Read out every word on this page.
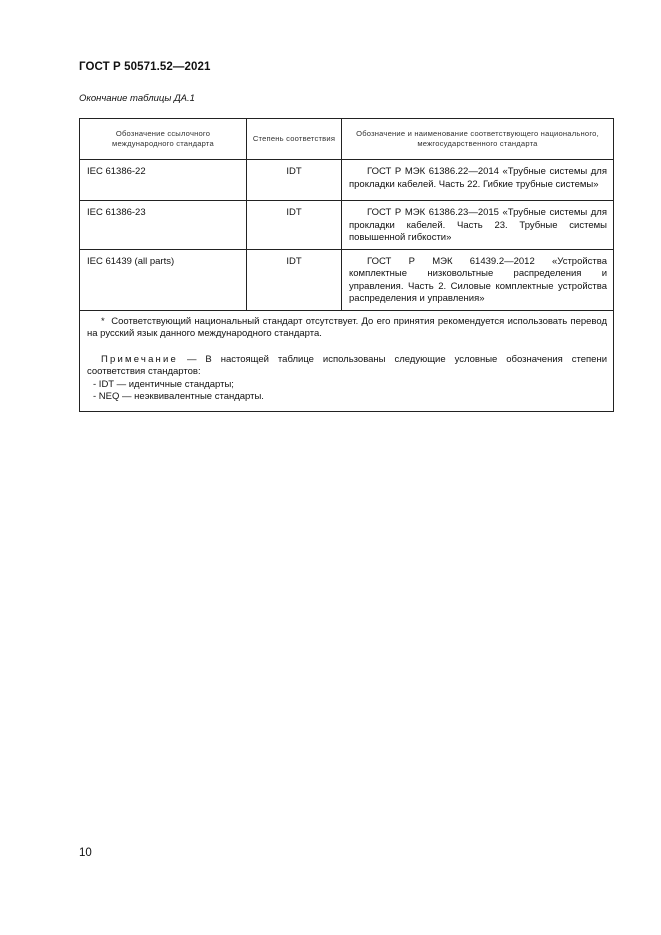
ГОСТ Р 50571.52—2021
Окончание таблицы ДА.1
Обозначение ссылочного международного стандарта	Степень соответствия	Обозначение и наименование соответствующего национального, межгосударственного стандарта
IEC 61386-22	IDT	ГОСТ Р МЭК 61386.22—2014 «Трубные системы для прокладки кабелей. Часть 22. Гибкие трубные системы»
IEC 61386-23	IDT	ГОСТ Р МЭК 61386.23—2015 «Трубные системы для прокладки кабелей. Часть 23. Трубные системы повышенной гибкости»
IEC 61439 (all parts)	IDT	ГОСТ Р МЭК 61439.2—2012 «Устройства комплектные низковольтные распределения и управления. Часть 2. Силовые комплектные устройства распределения и управления»

* Соответствующий национальный стандарт отсутствует. До его принятия рекомендуется использовать перевод на русский язык данного международного стандарта.
Примечание — В настоящей таблице использованы следующие условные обозначения степени соответствия стандартов:
- IDT — идентичные стандарты;
- NEQ — неэквивалентные стандарты.		
10
